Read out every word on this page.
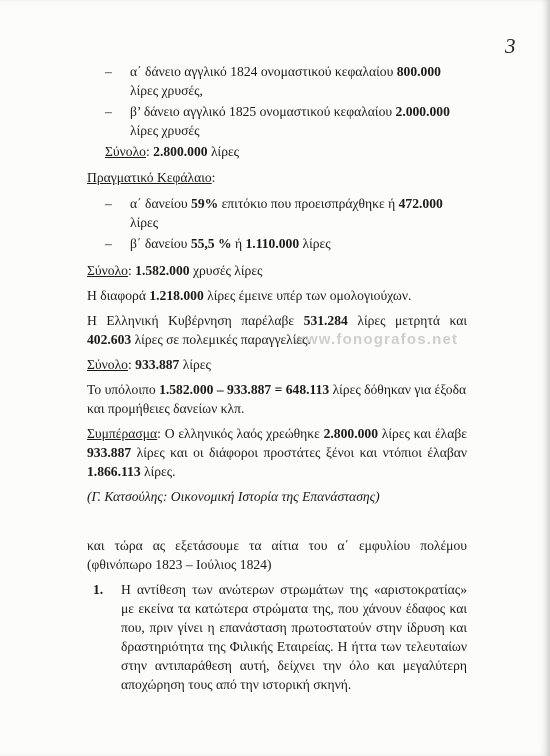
3
– α΄ δάνειο αγγλικό 1824 ονομαστικού κεφαλαίου 800.000 λίρες χρυσές,
– β’ δάνειο αγγλικό 1825 ονομαστικού κεφαλαίου 2.000.000 λίρες χρυσές

Σύνολο: 2.800.000 λίρες

Πραγματικό Κεφάλαιο:

– α΄ δανείου 59% επιτόκιο που προεισπράχθηκε ή 472.000 λίρες
– β΄ δανείου 55,5 % ή 1.110.000 λίρες

Σύνολο: 1.582.000 χρυσές λίρες

Η διαφορά 1.218.000 λίρες έμεινε υπέρ των ομολογιούχων.

Η Ελληνική Κυβέρνηση παρέλαβε 531.284 λίρες μετρητά και 402.603 λίρες σε πολεμικές παραγγελίες.

Σύνολο: 933.887 λίρες

Το υπόλοιπο 1.582.000 – 933.887 = 648.113 λίρες δόθηκαν για έξοδα και προμήθειες δανείων κλπ.

Συμπέρασμα: Ο ελληνικός λαός χρεώθηκε 2.800.000 λίρες και έλαβε 933.887 λίρες και οι διάφοροι προστάτες ξένοι και ντόπιοι έλαβαν 1.866.113 λίρες.

(Γ. Κατσούλης: Οικονομική Ιστορία της Επανάστασης)

και τώρα ας εξετάσουμε τα αίτια του α΄ εμφυλίου πολέμου (φθινόπωρο 1823 – Ιούλιος 1824)

1. Η αντίθεση των ανώτερων στρωμάτων της «αριστοκρατίας» με εκείνα τα κατώτερα στρώματα της, που χάνουν έδαφος και που, πριν γίνει η επανάσταση πρωτοστατούν στην ίδρυση και δραστηριότητα της Φιλικής Εταιρείας. Η ήττα των τελευταίων στην αντιπαράθεση αυτή, δείχνει την όλο και μεγαλύτερη αποχώρηση τους από την ιστορική σκηνή.
www.fonografos.net
